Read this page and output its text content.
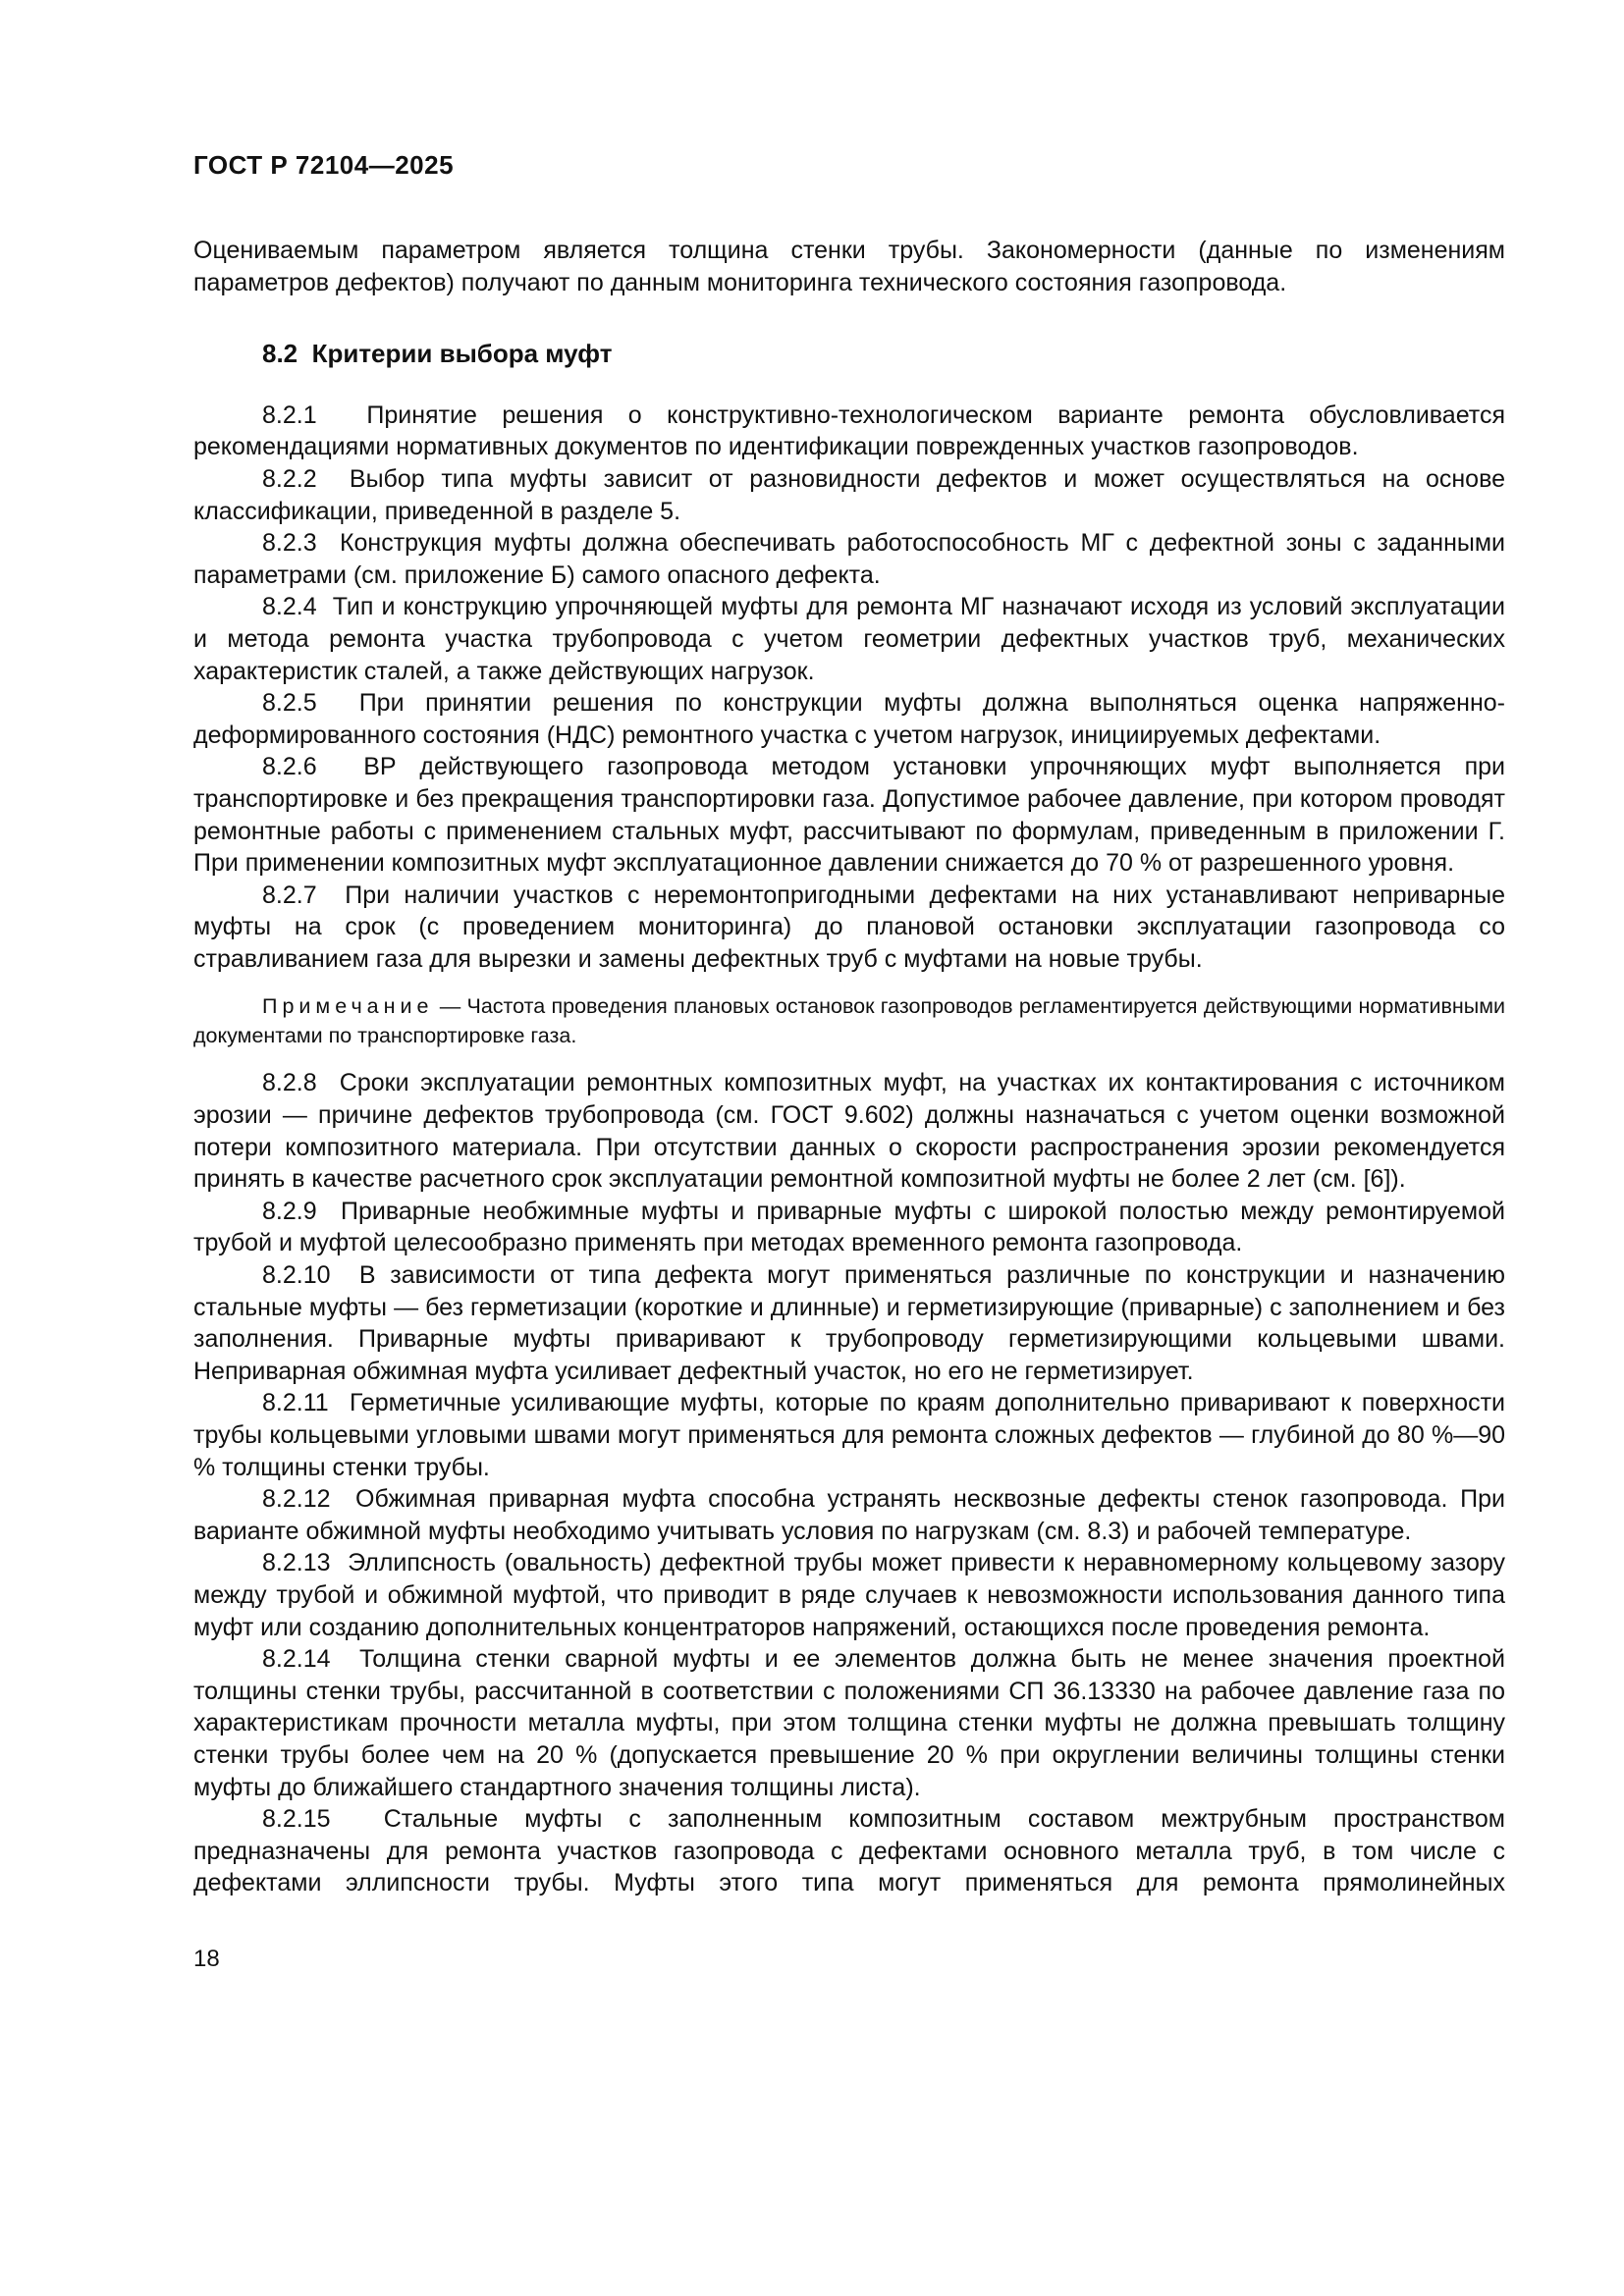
ГОСТ Р 72104—2025

Оцениваемым параметром является толщина стенки трубы. Закономерности (данные по изменениям параметров дефектов) получают по данным мониторинга технического состояния газопровода.

8.2  Критерии выбора муфт

8.2.1  Принятие решения о конструктивно-технологическом варианте ремонта обусловливается рекомендациями нормативных документов по идентификации поврежденных участков газопроводов.

8.2.2  Выбор типа муфты зависит от разновидности дефектов и может осуществляться на основе классификации, приведенной в разделе 5.

8.2.3  Конструкция муфты должна обеспечивать работоспособность МГ с дефектной зоны с заданными параметрами (см. приложение Б) самого опасного дефекта.

8.2.4  Тип и конструкцию упрочняющей муфты для ремонта МГ назначают исходя из условий эксплуатации и метода ремонта участка трубопровода с учетом геометрии дефектных участков труб, механических характеристик сталей, а также действующих нагрузок.

8.2.5  При принятии решения по конструкции муфты должна выполняться оценка напряженно-деформированного состояния (НДС) ремонтного участка с учетом нагрузок, инициируемых дефектами.

8.2.6  ВР действующего газопровода методом установки упрочняющих муфт выполняется при транспортировке и без прекращения транспортировки газа. Допустимое рабочее давление, при котором проводят ремонтные работы с применением стальных муфт, рассчитывают по формулам, приведенным в приложении Г. При применении композитных муфт эксплуатационное давлении снижается до 70 % от разрешенного уровня.

8.2.7  При наличии участков с неремонтопригодными дефектами на них устанавливают неприварные муфты на срок (с проведением мониторинга) до плановой остановки эксплуатации газопровода со стравливанием газа для вырезки и замены дефектных труб с муфтами на новые трубы.

Примечание — Частота проведения плановых остановок газопроводов регламентируется действующими нормативными документами по транспортировке газа.

8.2.8  Сроки эксплуатации ремонтных композитных муфт, на участках их контактирования с источником эрозии — причине дефектов трубопровода (см. ГОСТ 9.602) должны назначаться с учетом оценки возможной потери композитного материала. При отсутствии данных о скорости распространения эрозии рекомендуется принять в качестве расчетного срок эксплуатации ремонтной композитной муфты не более 2 лет (см. [6]).

8.2.9  Приварные необжимные муфты и приварные муфты с широкой полостью между ремонтируемой трубой и муфтой целесообразно применять при методах временного ремонта газопровода.

8.2.10  В зависимости от типа дефекта могут применяться различные по конструкции и назначению стальные муфты — без герметизации (короткие и длинные) и герметизирующие (приварные) с заполнением и без заполнения. Приварные муфты приваривают к трубопроводу герметизирующими кольцевыми швами. Неприварная обжимная муфта усиливает дефектный участок, но его не герметизирует.

8.2.11  Герметичные усиливающие муфты, которые по краям дополнительно приваривают к поверхности трубы кольцевыми угловыми швами могут применяться для ремонта сложных дефектов — глубиной до 80 %—90 % толщины стенки трубы.

8.2.12  Обжимная приварная муфта способна устранять несквозные дефекты стенок газопровода. При варианте обжимной муфты необходимо учитывать условия по нагрузкам (см. 8.3) и рабочей температуре.

8.2.13  Эллипсность (овальность) дефектной трубы может привести к неравномерному кольцевому зазору между трубой и обжимной муфтой, что приводит в ряде случаев к невозможности использования данного типа муфт или созданию дополнительных концентраторов напряжений, остающихся после проведения ремонта.

8.2.14  Толщина стенки сварной муфты и ее элементов должна быть не менее значения проектной толщины стенки трубы, рассчитанной в соответствии с положениями СП 36.13330 на рабочее давление газа по характеристикам прочности металла муфты, при этом толщина стенки муфты не должна превышать толщину стенки трубы более чем на 20 % (допускается превышение 20 % при округлении величины толщины стенки муфты до ближайшего стандартного значения толщины листа).

8.2.15  Стальные муфты с заполненным композитным составом межтрубным пространством предназначены для ремонта участков газопровода с дефектами основного металла труб, в том числе с дефектами эллипсности трубы. Муфты этого типа могут применяться для ремонта прямолинейных

18
